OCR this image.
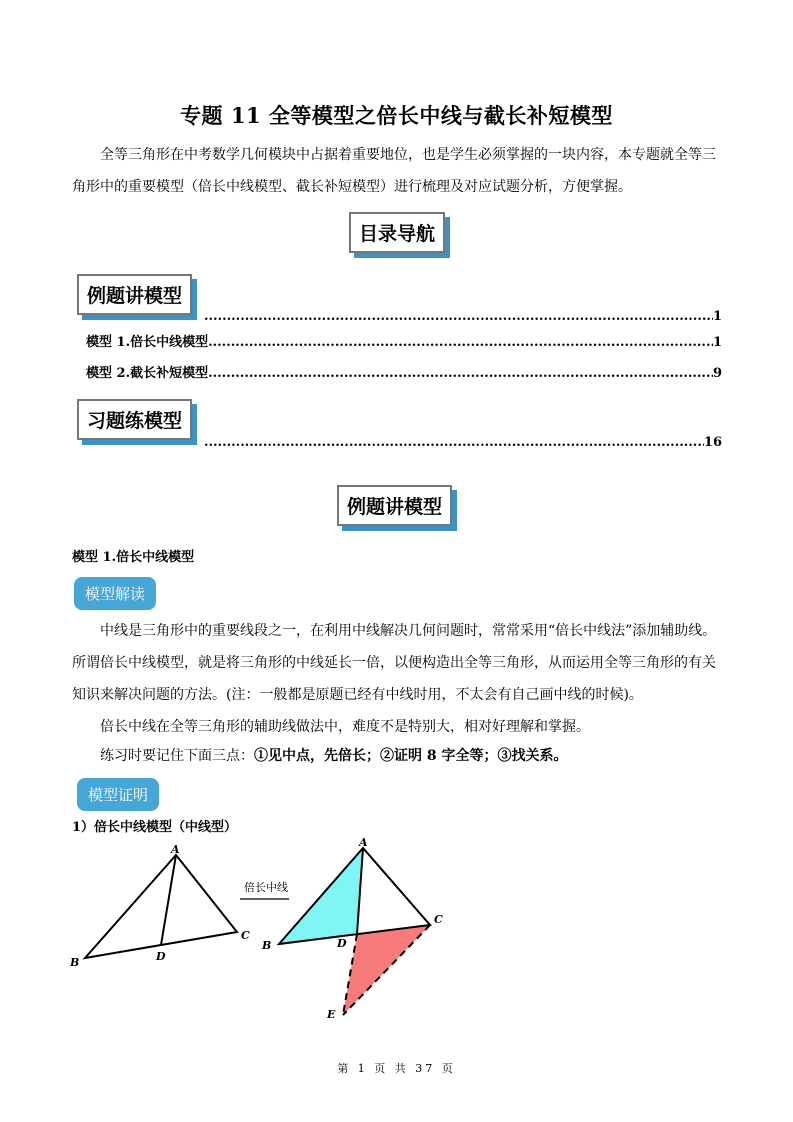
专题 11 全等模型之倍长中线与截长补短模型
全等三角形在中考数学几何模块中占据着重要地位，也是学生必须掌握的一块内容，本专题就全等三角形中的重要模型（倍长中线模型、截长补短模型）进行梳理及对应试题分析，方便掌握。
目录导航
例题讲模型
.....
1
模型 1.倍长中线模型 .....	1
模型 2.截长补短模型 .....	9
习题练模型
.....
16
例题讲模型
模型 1.倍长中线模型
模型解读
中线是三角形中的重要线段之一，在利用中线解决几何问题时，常常采用“倍长中线法”添加辅助线。所谓倍长中线模型，就是将三角形的中线延长一倍，以便构造出全等三角形，从而运用全等三角形的有关知识来解决问题的方法。(注：一般都是原题已经有中线时用，不太会有自己画中线的时候)。
倍长中线在全等三角形的辅助线做法中，难度不是特别大，相对好理解和掌握。
练习时要记住下面三点：①见中点，先倍长；②证明 8 字全等；③找关系。
模型证明
1）倍长中线模型（中线型）
A
B
C
D
倍长中线
A
B
C
D
E
第 1 页 共 37 页
